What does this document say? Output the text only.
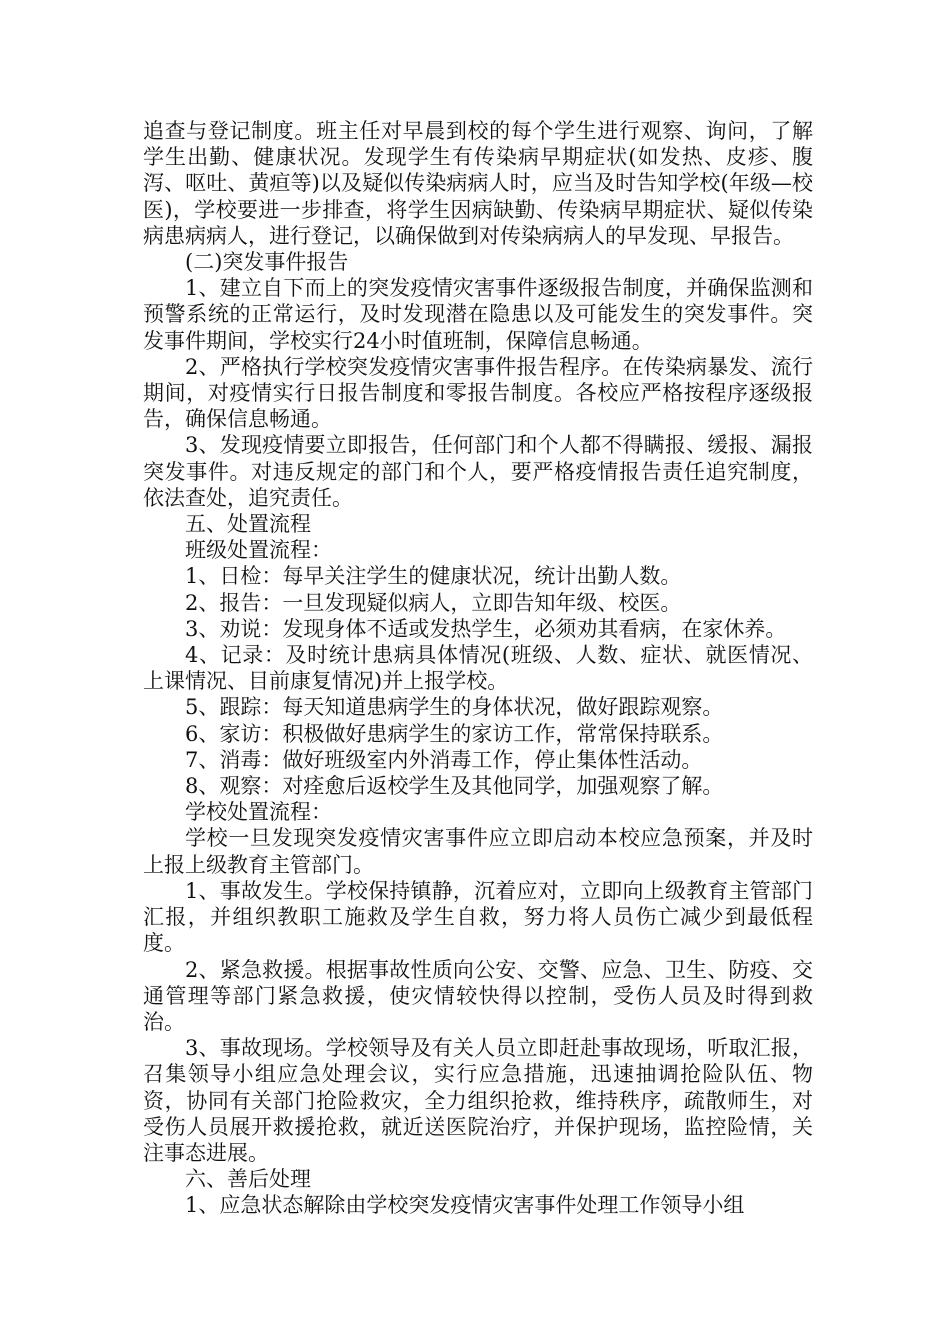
追查与登记制度。班主任对早晨到校的每个学生进行观察、询问，了解学生出勤、健康状况。发现学生有传染病早期症状(如发热、皮疹、腹泻、呕吐、黄疸等)以及疑似传染病病人时，应当及时告知学校(年级—校医)，学校要进一步排查，将学生因病缺勤、传染病早期症状、疑似传染病患病病人，进行登记，以确保做到对传染病病人的早发现、早报告。

(二)突发事件报告

1、建立自下而上的突发疫情灾害事件逐级报告制度，并确保监测和预警系统的正常运行，及时发现潜在隐患以及可能发生的突发事件。突发事件期间，学校实行24小时值班制，保障信息畅通。

2、严格执行学校突发疫情灾害事件报告程序。在传染病暴发、流行期间，对疫情实行日报告制度和零报告制度。各校应严格按程序逐级报告，确保信息畅通。

3、发现疫情要立即报告，任何部门和个人都不得瞒报、缓报、漏报突发事件。对违反规定的部门和个人，要严格疫情报告责任追究制度，依法查处，追究责任。

五、处置流程

班级处置流程：

1、日检：每早关注学生的健康状况，统计出勤人数。

2、报告：一旦发现疑似病人，立即告知年级、校医。

3、劝说：发现身体不适或发热学生，必须劝其看病，在家休养。

4、记录：及时统计患病具体情况(班级、人数、症状、就医情况、上课情况、目前康复情况)并上报学校。

5、跟踪：每天知道患病学生的身体状况，做好跟踪观察。

6、家访：积极做好患病学生的家访工作，常常保持联系。

7、消毒：做好班级室内外消毒工作，停止集体性活动。

8、观察：对痊愈后返校学生及其他同学，加强观察了解。

学校处置流程：

学校一旦发现突发疫情灾害事件应立即启动本校应急预案，并及时上报上级教育主管部门。

1、事故发生。学校保持镇静，沉着应对，立即向上级教育主管部门汇报，并组织教职工施救及学生自救，努力将人员伤亡减少到最低程度。

2、紧急救援。根据事故性质向公安、交警、应急、卫生、防疫、交通管理等部门紧急救援，使灾情较快得以控制，受伤人员及时得到救治。

3、事故现场。学校领导及有关人员立即赶赴事故现场，听取汇报，召集领导小组应急处理会议，实行应急措施，迅速抽调抢险队伍、物资，协同有关部门抢险救灾，全力组织抢救，维持秩序，疏散师生，对受伤人员展开救援抢救，就近送医院治疗，并保护现场，监控险情，关注事态进展。

六、善后处理

1、应急状态解除由学校突发疫情灾害事件处理工作领导小组
